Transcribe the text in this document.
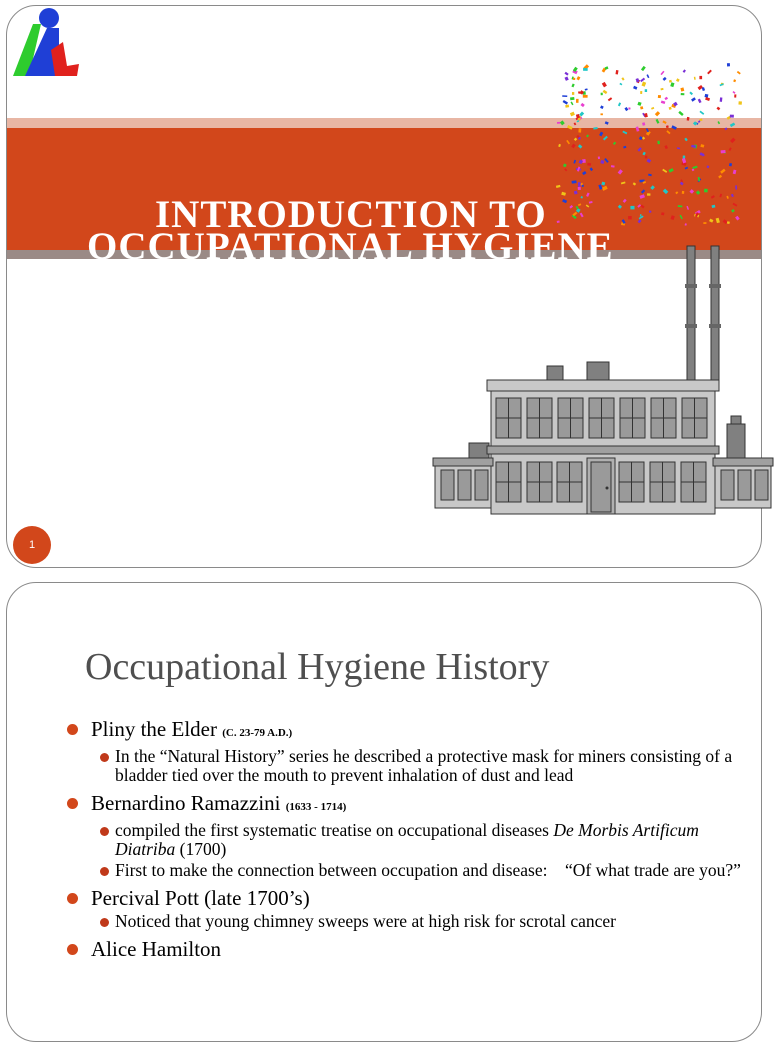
INTRODUCTION TO
OCCUPATIONAL HYGIENE
1
Occupational Hygiene History
Pliny the Elder (C. 23-79 A.D.)
In the “Natural History” series he described a protective mask for miners consisting of a bladder tied over the mouth to prevent inhalation of dust and lead
Bernardino Ramazzini (1633 - 1714)
compiled the first systematic treatise on occupational diseases De Morbis Artificum Diatriba (1700)
First to make the connection between occupation and disease:    “Of what trade are you?”
Percival Pott (late 1700’s)
Noticed that young chimney sweeps were at high risk for scrotal cancer
Alice Hamilton
